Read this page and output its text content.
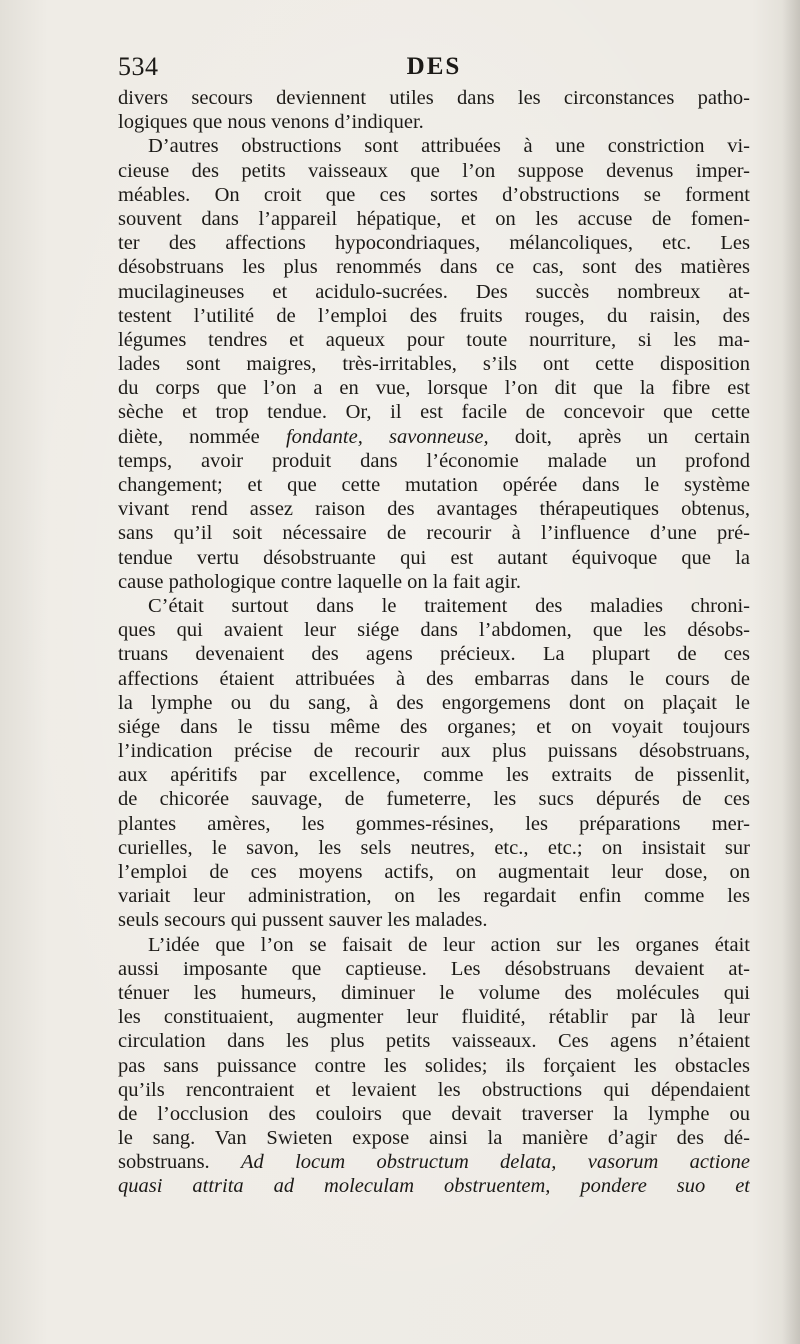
534	DES
divers secours deviennent utiles dans les circonstances patho-
logiques que nous venons d’indiquer.
D’autres obstructions sont attribuées à une constriction vi-
cieuse des petits vaisseaux que l’on suppose devenus imper-
méables. On croit que ces sortes d’obstructions se forment
souvent dans l’appareil hépatique, et on les accuse de fomen-
ter des affections hypocondriaques, mélancoliques, etc. Les
désobstruans les plus renommés dans ce cas, sont des matières
mucilagineuses et acidulo-sucrées. Des succès nombreux at-
testent l’utilité de l’emploi des fruits rouges, du raisin, des
légumes tendres et aqueux pour toute nourriture, si les ma-
lades sont maigres, très-irritables, s’ils ont cette disposition
du corps que l’on a en vue, lorsque l’on dit que la fibre est
sèche et trop tendue. Or, il est facile de concevoir que cette
diète, nommée fondante, savonneuse, doit, après un certain
temps, avoir produit dans l’économie malade un profond
changement; et que cette mutation opérée dans le système
vivant rend assez raison des avantages thérapeutiques obtenus,
sans qu’il soit nécessaire de recourir à l’influence d’une pré-
tendue vertu désobstruante qui est autant équivoque que la
cause pathologique contre laquelle on la fait agir.
C’était surtout dans le traitement des maladies chroni-
ques qui avaient leur siége dans l’abdomen, que les désobs-
truans devenaient des agens précieux. La plupart de ces
affections étaient attribuées à des embarras dans le cours de
la lymphe ou du sang, à des engorgemens dont on plaçait le
siége dans le tissu même des organes; et on voyait toujours
l’indication précise de recourir aux plus puissans désobstruans,
aux apéritifs par excellence, comme les extraits de pissenlit,
de chicorée sauvage, de fumeterre, les sucs dépurés de ces
plantes amères, les gommes-résines, les préparations mer-
curielles, le savon, les sels neutres, etc., etc.; on insistait sur
l’emploi de ces moyens actifs, on augmentait leur dose, on
variait leur administration, on les regardait enfin comme les
seuls secours qui pussent sauver les malades.
L’idée que l’on se faisait de leur action sur les organes était
aussi imposante que captieuse. Les désobstruans devaient at-
ténuer les humeurs, diminuer le volume des molécules qui
les constituaient, augmenter leur fluidité, rétablir par là leur
circulation dans les plus petits vaisseaux. Ces agens n’étaient
pas sans puissance contre les solides; ils forçaient les obstacles
qu’ils rencontraient et levaient les obstructions qui dépendaient
de l’occlusion des couloirs que devait traverser la lymphe ou
le sang. Van Swieten expose ainsi la manière d’agir des dé-
sobstruans. Ad locum obstructum delata, vasorum actione
quasi attrita ad moleculam obstruentem, pondere suo et
